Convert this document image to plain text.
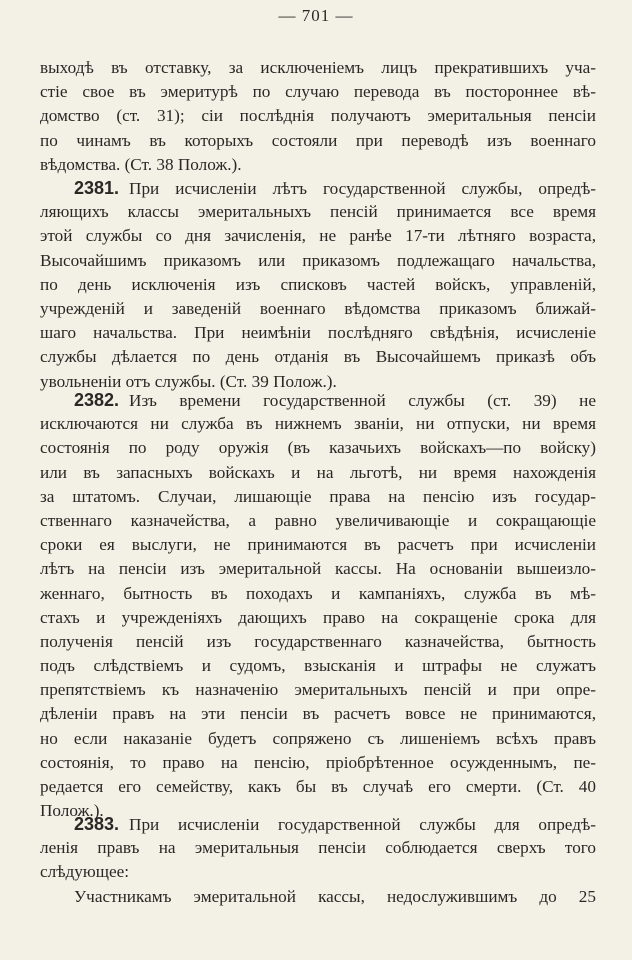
— 701 —
выходѣ въ отставку, за исключеніемъ лицъ прекратившихъ уча-
стіе свое въ эмеритурѣ по случаю перевода въ постороннее вѣ-
домство (ст. 31); сіи послѣднія получаютъ эмеритальныя пенсіи
по чинамъ въ которыхъ состояли при переводѣ изъ военнаго
вѣдомства. (Ст. 38 Полож.).
2381. При исчисленіи лѣтъ государственной службы, опредѣ-
ляющихъ классы эмеритальныхъ пенсій принимается все время
этой службы со дня зачисленія, не ранѣе 17-ти лѣтняго возраста,
Высочайшимъ приказомъ или приказомъ подлежащаго начальства,
по день исключенія изъ списковъ частей войскъ, управленій,
учрежденій и заведеній военнаго вѣдомства приказомъ ближай-
шаго начальства. При неимѣніи послѣдняго свѣдѣнія, исчисленіе
службы дѣлается по день отданія въ Высочайшемъ приказѣ объ
увольненіи отъ службы. (Ст. 39 Полож.).
2382. Изъ времени государственной службы (ст. 39) не
исключаются ни служба въ нижнемъ званіи, ни отпуски, ни время
состоянія по роду оружія (въ казачьихъ войскахъ—по войску)
или въ запасныхъ войскахъ и на льготѣ, ни время нахожденія
за штатомъ. Случаи, лишающіе права на пенсію изъ государ-
ственнаго казначейства, а равно увеличивающіе и сокращающіе
сроки ея выслуги, не принимаются въ расчетъ при исчисленіи
лѣтъ на пенсіи изъ эмеритальной кассы. На основаніи вышеизло-
женнаго, бытность въ походахъ и кампаніяхъ, служба въ мѣ-
стахъ и учрежденіяхъ дающихъ право на сокращеніе срока для
полученія пенсій изъ государственнаго казначейства, бытность
подъ слѣдствіемъ и судомъ, взысканія и штрафы не служатъ
препятствіемъ къ назначенію эмеритальныхъ пенсій и при опре-
дѣленіи правъ на эти пенсіи въ расчетъ вовсе не принимаются,
но если наказаніе будетъ сопряжено съ лишеніемъ всѣхъ правъ
состоянія, то право на пенсію, пріобрѣтенное осужденнымъ, пе-
редается его семейству, какъ бы въ случаѣ его смерти. (Ст. 40
Полож.).
2383. При исчисленіи государственной службы для опредѣ-
ленія правъ на эмеритальныя пенсіи соблюдается сверхъ того
слѣдующее:
Участникамъ эмеритальной кассы, недослужившимъ до 25
